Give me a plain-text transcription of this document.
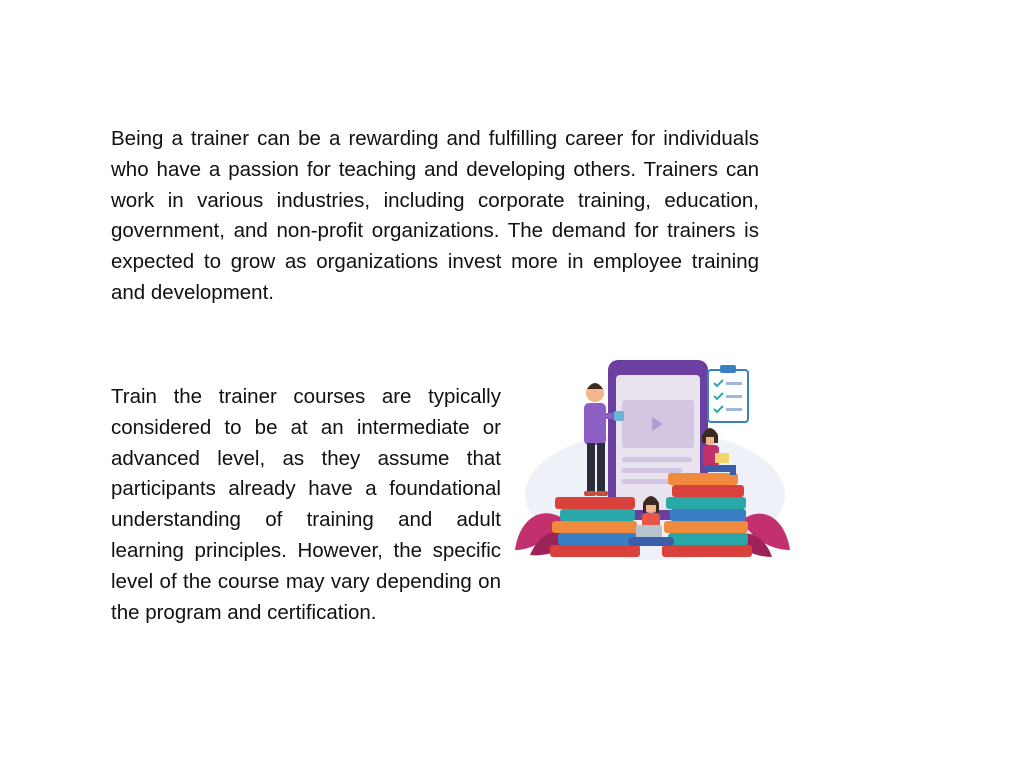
Being a trainer can be a rewarding and fulfilling career for individuals who have a passion for teaching and developing others. Trainers can work in various industries, including corporate training, education, government, and non-profit organizations. The demand for trainers is expected to grow as organizations invest more in employee training and development.

Train the trainer courses are typically considered to be at an intermediate or advanced level, as they assume that participants already have a foundational understanding of training and adult learning principles. However, the specific level of the course may vary depending on the program and certification.
